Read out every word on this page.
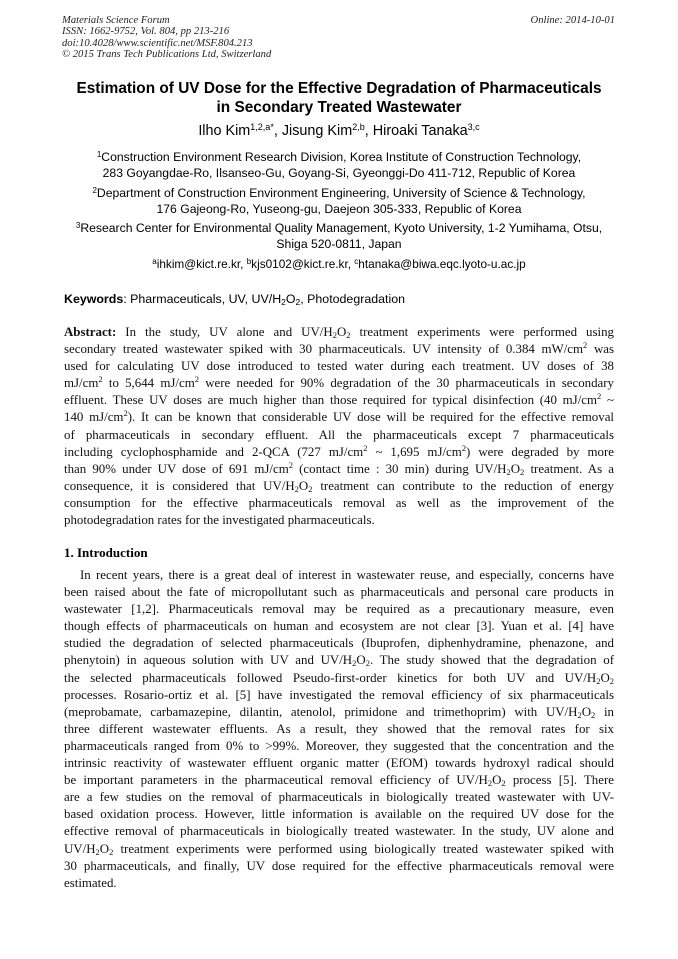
Materials Science Forum
ISSN: 1662-9752, Vol. 804, pp 213-216
doi:10.4028/www.scientific.net/MSF.804.213
© 2015 Trans Tech Publications Ltd, Switzerland
Online: 2014-10-01
Estimation of UV Dose for the Effective Degradation of Pharmaceuticals
in Secondary Treated Wastewater
Ilho Kim$^{1,2,a*}$, Jisung Kim$^{2,b}$, Hiroaki Tanaka$^{3,c}$
$^1$Construction Environment Research Division, Korea Institute of Construction Technology,
283 Goyangdae-Ro, Ilsanseo-Gu, Goyang-Si, Gyeonggi-Do 411-712, Republic of Korea
$^2$Department of Construction Environment Engineering, University of Science & Technology,
176 Gajeong-Ro, Yuseong-gu, Daejeon 305-333, Republic of Korea
$^3$Research Center for Environmental Quality Management, Kyoto University, 1-2 Yumihama, Otsu,
Shiga 520-0811, Japan
$^a$ihkim@kict.re.kr, $^b$kjs0102@kict.re.kr, $^c$htanaka@biwa.eqc.lyoto-u.ac.jp
Keywords: Pharmaceuticals, UV, $UV/H_2O_2$, Photodegradation
Abstract: In the study, UV alone and $UV/H_2O_2$ treatment experiments were performed using
secondary treated wastewater spiked with 30 pharmaceuticals. UV intensity of 0.384 $mW/cm^2$ was
used for calculating UV dose introduced to tested water during each treatment. UV doses of 38
$mJ/cm^2$ to 5,644 $mJ/cm^2$ were needed for 90% degradation of the 30 pharmaceuticals in secondary
effluent. These UV doses are much higher than those required for typical disinfection (40 $mJ/cm^2$ ~
140 $mJ/cm^2$). It can be known that considerable UV dose will be required for the effective removal
of pharmaceuticals in secondary effluent. All the pharmaceuticals except 7 pharmaceuticals
including cyclophosphamide and 2-QCA (727 $mJ/cm^2$ ~ 1,695 $mJ/cm^2$) were degraded by more
than 90% under UV dose of 691 $mJ/cm^2$ (contact time : 30 min) during $UV/H_2O_2$ treatment. As a
consequence, it is considered that $UV/H_2O_2$ treatment can contribute to the reduction of energy
consumption for the effective pharmaceuticals removal as well as the improvement of the
photodegradation rates for the investigated pharmaceuticals.
1. Introduction
In recent years, there is a great deal of interest in wastewater reuse, and especially, concerns have
been raised about the fate of micropollutant such as pharmaceuticals and personal care products in
wastewater [1,2]. Pharmaceuticals removal may be required as a precautionary measure, even
though effects of pharmaceuticals on human and ecosystem are not clear [3]. Yuan et al. [4] have
studied the degradation of selected pharmaceuticals (Ibuprofen, diphenhydramine, phenazone, and
phenytoin) in aqueous solution with UV and $UV/H_2O_2$. The study showed that the degradation of
the selected pharmaceuticals followed Pseudo-first-order kinetics for both UV and $UV/H_2O_2$
processes. Rosario-ortiz et al. [5] have investigated the removal efficiency of six pharmaceuticals
(meprobamate, carbamazepine, dilantin, atenolol, primidone and trimethoprim) with $UV/H_2O_2$ in
three different wastewater effluents. As a result, they showed that the removal rates for six
pharmaceuticals ranged from 0% to >99%. Moreover, they suggested that the concentration and the
intrinsic reactivity of wastewater effluent organic matter (EfOM) towards hydroxyl radical should
be important parameters in the pharmaceutical removal efficiency of $UV/H_2O_2$ process [5]. There
are a few studies on the removal of pharmaceuticals in biologically treated wastewater with UV-
based oxidation process. However, little information is available on the required UV dose for the
effective removal of pharmaceuticals in biologically treated wastewater. In the study, UV alone and
$UV/H_2O_2$ treatment experiments were performed using biologically treated wastewater spiked with
30 pharmaceuticals, and finally, UV dose required for the effective pharmaceuticals removal were
estimated.
